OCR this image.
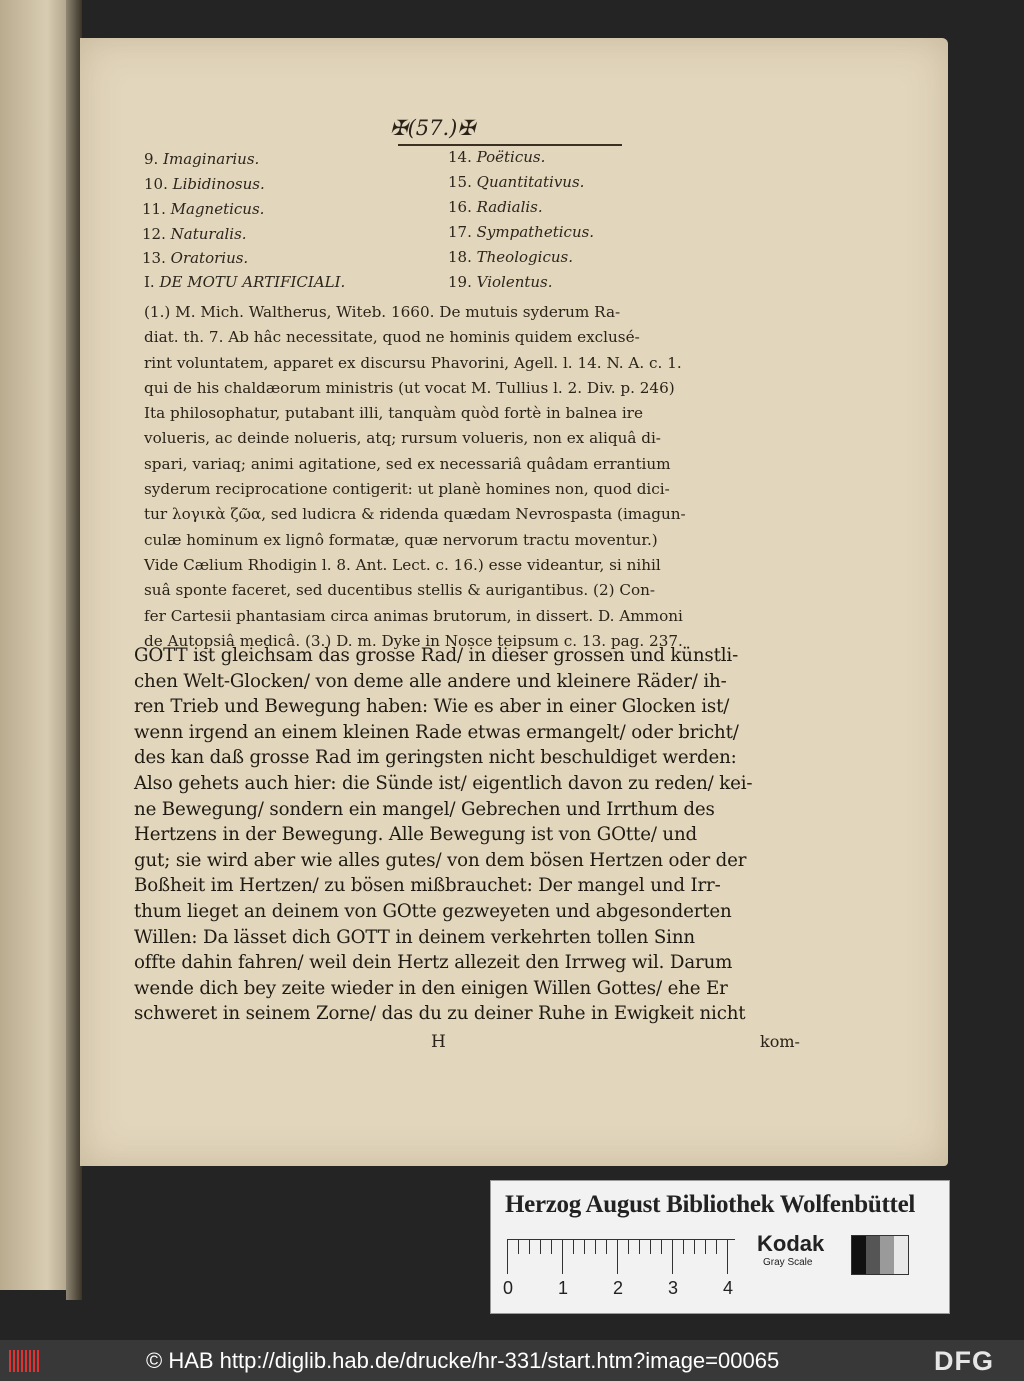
✠(57.)✠
9. Imaginarius.
10. Libidinosus.
11. Magneticus.
12. Naturalis.
13. Oratorius.
I. DE MOTU ARTIFICIALI.
14. Poëticus.
15. Quantitativus.
16. Radialis.
17. Sympatheticus.
18. Theologicus.
19. Violentus.

(1.) M. Mich. Waltherus, Witeb. 1660. De mutuis syderum Ra-

diat. th. 7. Ab hâc necessitate, quod ne hominis quidem exclusé-

rint voluntatem, apparet ex discursu Phavorini, Agell. l. 14. N. A. c. 1.

qui de his chaldæorum ministris (ut vocat M. Tullius l. 2. Div. p. 246)

Ita philosophatur, putabant illi, tanquàm quòd fortè in balnea ire

volueris, ac deinde nolueris, atq; rursum volueris, non ex aliquâ di-

spari, variaq; animi agitatione, sed ex necessariâ quâdam errantium

syderum reciprocatione contigerit: ut planè homines non, quod dici-

tur λογικὰ ζῶα, sed ludicra & ridenda quædam Nevrospasta (imagun-

culæ hominum ex lignô formatæ, quæ nervorum tractu moventur.)

Vide Cælium Rhodigin l. 8. Ant. Lect. c. 16.) esse videantur, si nihil

suâ sponte faceret, sed ducentibus stellis & aurigantibus. (2) Con-

fer Cartesii phantasiam circa animas brutorum, in dissert. D. Ammoni

de Autopsiâ medicâ. (3.) D. m. Dyke in Nosce teipsum c. 13. pag. 237.

GOTT ist gleichsam das grosse Rad/ in dieser grossen und künstli-

chen Welt-Glocken/ von deme alle andere und kleinere Räder/ ih-

ren Trieb und Bewegung haben: Wie es aber in einer Glocken ist/

wenn irgend an einem kleinen Rade etwas ermangelt/ oder bricht/

des kan daß grosse Rad im geringsten nicht beschuldiget werden:

Also gehets auch hier: die Sünde ist/ eigentlich davon zu reden/ kei-

ne Bewegung/ sondern ein mangel/ Gebrechen und Irrthum des

Hertzens in der Bewegung. Alle Bewegung ist von GOtte/ und

gut; sie wird aber wie alles gutes/ von dem bösen Hertzen oder der

Boßheit im Hertzen/ zu bösen mißbrauchet: Der mangel und Irr-

thum lieget an deinem von GOtte gezweyeten und abgesonderten

Willen: Da lässet dich GOTT in deinem verkehrten tollen Sinn

offte dahin fahren/ weil dein Hertz allezeit den Irrweg wil. Darum

wende dich bey zeite wieder in den einigen Willen Gottes/ ehe Er

schweret in seinem Zorne/ das du zu deiner Ruhe in Ewigkeit nicht

H	kom-
Herzog August Bibliothek Wolfenbüttel
0 1 2 3 4
Kodak
Gray Scale
© HAB http://diglib.hab.de/drucke/hr-331/start.htm?image=00065	DFG
